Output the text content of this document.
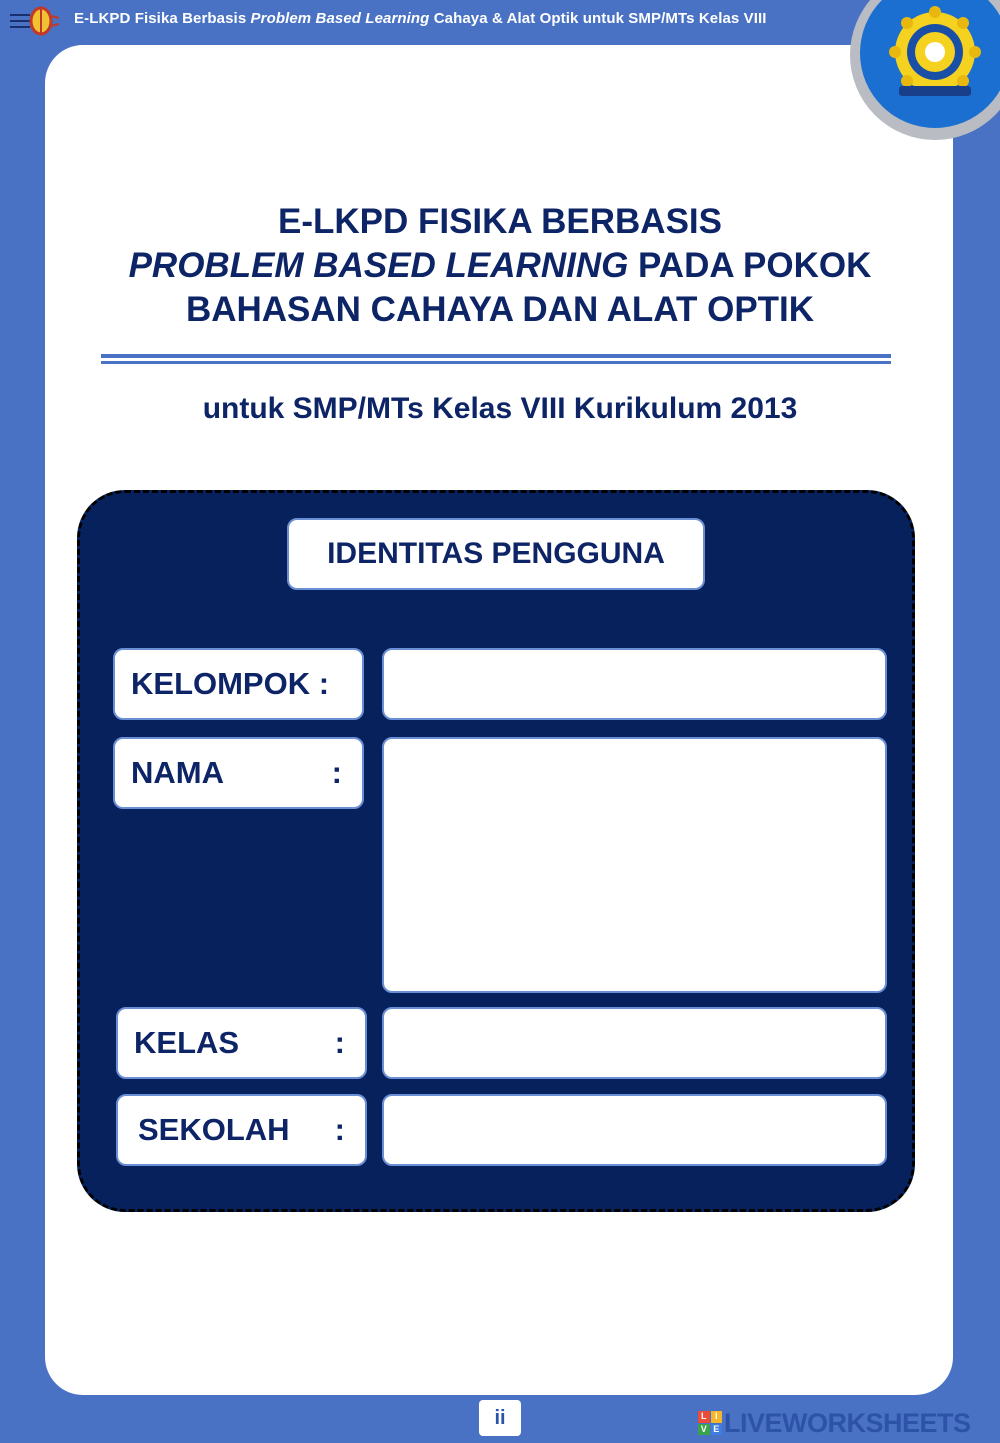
E-LKPD Fisika Berbasis Problem Based Learning Cahaya & Alat Optik untuk SMP/MTs Kelas VIII
E-LKPD FISIKA BERBASIS
PROBLEM BASED LEARNING PADA POKOK
BAHASAN CAHAYA DAN ALAT OPTIK
untuk SMP/MTs Kelas VIII Kurikulum 2013
IDENTITAS PENGGUNA
KELOMPOK :
NAMA	:
KELAS	:
SEKOLAH :
ii	L I
V E LIVEWORKSHEETS
